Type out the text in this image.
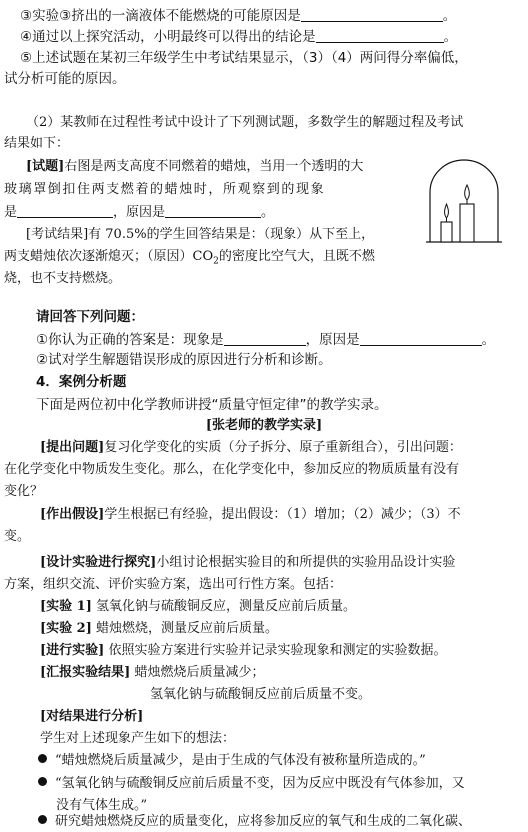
③实验③挤出的一滴液体不能燃烧的可能原因是	。
④通过以上探究活动，小明最终可以得出的结论是	。
⑤上述试题在某初三年级学生中考试结果显示，（3）（4）两问得分率偏低，
试分析可能的原因。
（2）某教师在过程性考试中设计了下列测试题，多数学生的解题过程及考试
结果如下：
[试题]右图是两支高度不同燃着的蜡烛，当用一个透明的大
玻璃罩倒扣住两支燃着的蜡烛时，所观察到的现象
是	，原因是	。
[考试结果]有 70.5%的学生回答结果是：（现象）从下至上，
两支蜡烛依次逐渐熄灭；（原因）$CO_2$的密度比空气大，且既不燃
烧，也不支持燃烧。
请回答下列问题：
①你认为正确的答案是：现象是	，原因是	。
②试对学生解题错误形成的原因进行分析和诊断。
4．案例分析题
下面是两位初中化学教师讲授“质量守恒定律”的教学实录。
[张老师的教学实录]
[提出问题]复习化学变化的实质（分子拆分、原子重新组合），引出问题：
在化学变化中物质发生变化。那么，在化学变化中，参加反应的物质质量有没有
变化？
[作出假设]学生根据已有经验，提出假设：（1）增加；（2）减少；（3）不
变。
[设计实验进行探究]小组讨论根据实验目的和所提供的实验用品设计实验
方案，组织交流、评价实验方案，选出可行性方案。包括：
[实验 1] 氢氧化钠与硫酸铜反应，测量反应前后质量。
[实验 2] 蜡烛燃烧，测量反应前后质量。
[进行实验] 依照实验方案进行实验并记录实验现象和测定的实验数据。
[汇报实验结果] 蜡烛燃烧后质量减少；
氢氧化钠与硫酸铜反应前后质量不变。
[对结果进行分析]
学生对上述现象产生如下的想法：
“蜡烛燃烧后质量减少，是由于生成的气体没有被称量所造成的。”
“氢氧化钠与硫酸铜反应前后质量不变，因为反应中既没有气体参加，又
没有气体生成。”
研究蜡烛燃烧反应的质量变化，应将参加反应的氧气和生成的二氧化碳、
